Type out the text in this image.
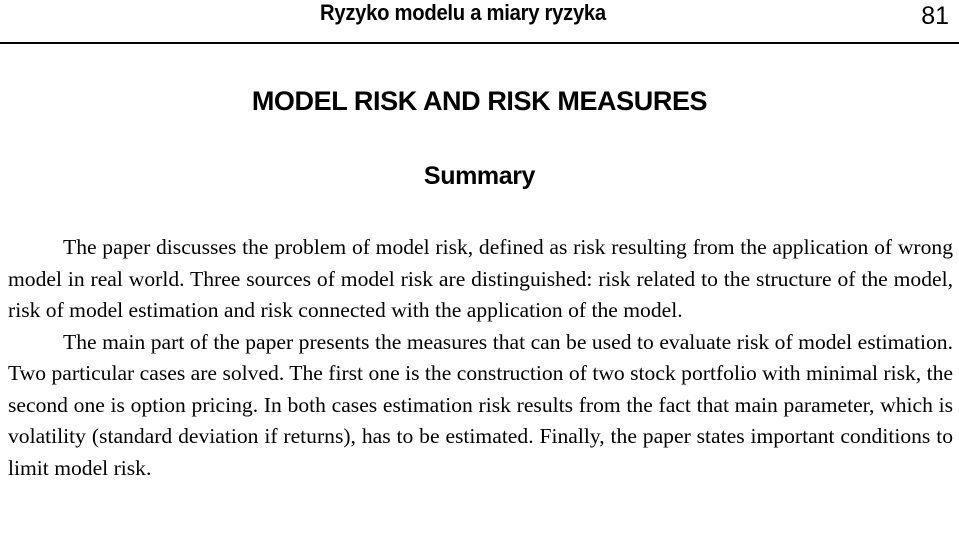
Ryzyko modelu a miary ryzyka	81
MODEL RISK AND RISK MEASURES
Summary

The paper discusses the problem of model risk, defined as risk resulting from the application of wrong model in real world. Three sources of model risk are distinguished: risk related to the structure of the model, risk of model estimation and risk connected with the application of the model.

The main part of the paper presents the measures that can be used to evaluate risk of model estimation. Two particular cases are solved. The first one is the construction of two stock portfolio with minimal risk, the second one is option pricing. In both cases estimation risk results from the fact that main parameter, which is volatility (standard deviation if returns), has to be estimated. Finally, the paper states important conditions to limit model risk.
